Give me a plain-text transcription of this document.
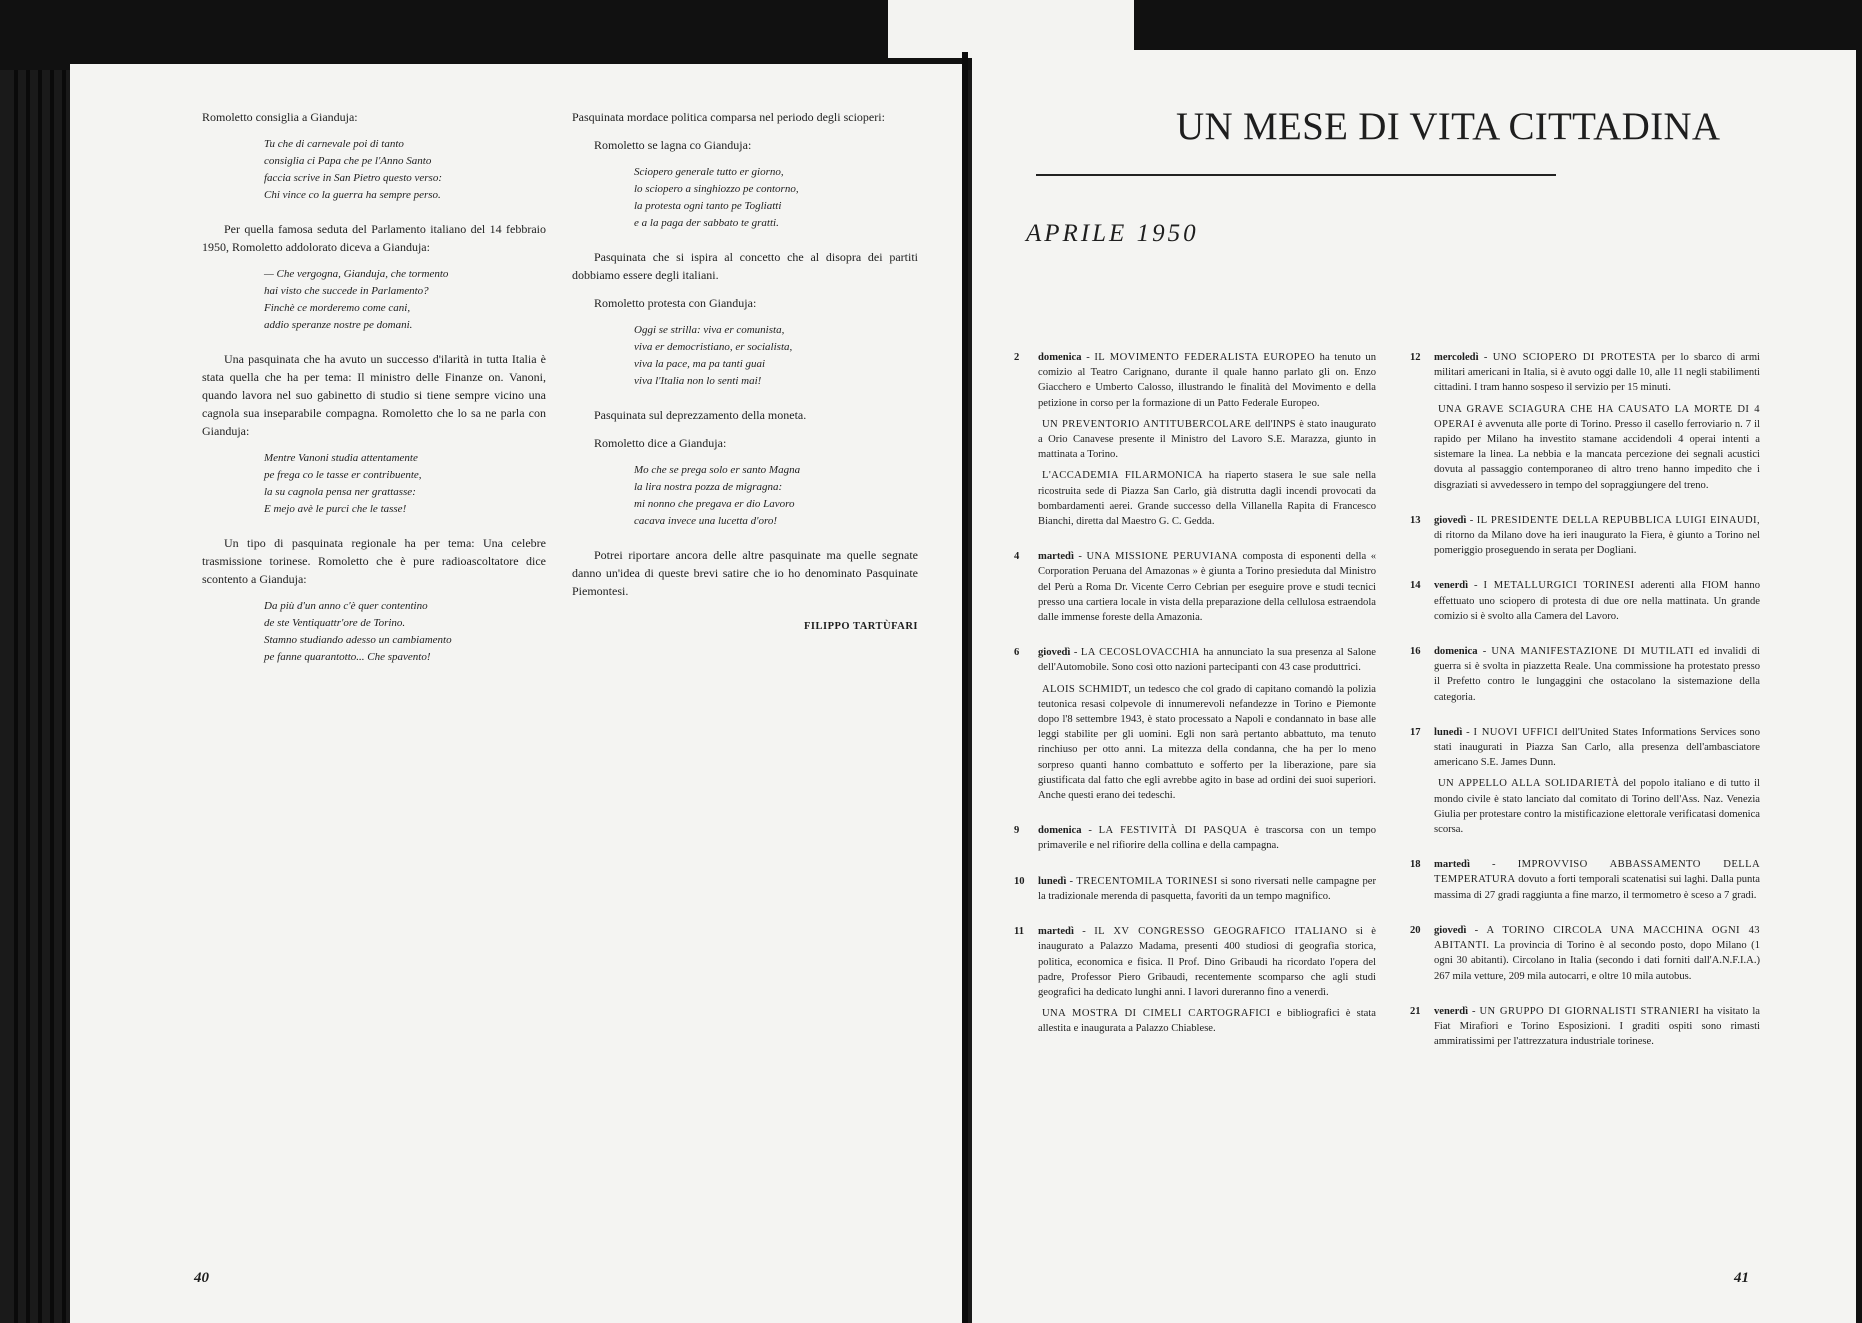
Romoletto consiglia a Gianduja:

Tu che di carnevale poi di tanto
consiglia ci Papa che pe l'Anno Santo
faccia scrive in San Pietro questo verso:
Chi vince co la guerra ha sempre perso.

Per quella famosa seduta del Parlamento italiano del 14 febbraio 1950, Romoletto addolorato diceva a Gianduja:

— Che vergogna, Gianduja, che tormento
hai visto che succede in Parlamento?
Finchè ce morderemo come cani,
addio speranze nostre pe domani.

Una pasquinata che ha avuto un successo d'ilarità in tutta Italia è stata quella che ha per tema: Il ministro delle Finanze on. Vanoni, quando lavora nel suo gabinetto di studio si tiene sempre vicino una cagnola sua inseparabile compagna. Romoletto che lo sa ne parla con Gianduja:

Mentre Vanoni studia attentamente
pe frega co le tasse er contribuente,
la su cagnola pensa ner grattasse:
E mejo avè le purci che le tasse!

Un tipo di pasquinata regionale ha per tema: Una celebre trasmissione torinese. Romoletto che è pure radioascoltatore dice scontento a Gianduja:

Da più d'un anno c'è quer contentino
de ste Ventiquattr'ore de Torino.
Stamno studiando adesso un cambiamento
pe fanne quarantotto... Che spavento!

Pasquinata mordace politica comparsa nel periodo degli scioperi:

Romoletto se lagna co Gianduja:

Sciopero generale tutto er giorno,
lo sciopero a singhiozzo pe contorno,
la protesta ogni tanto pe Togliatti
e a la paga der sabbato te gratti.

Pasquinata che si ispira al concetto che al disopra dei partiti dobbiamo essere degli italiani.

Romoletto protesta con Gianduja:

Oggi se strilla: viva er comunista,
viva er democristiano, er socialista,
viva la pace, ma pa tanti guai
viva l'Italia non lo senti mai!

Pasquinata sul deprezzamento della moneta.

Romoletto dice a Gianduja:

Mo che se prega solo er santo Magna
la lira nostra pozza de migragna:
mi nonno che pregava er dio Lavoro
cacava invece una lucetta d'oro!

Potrei riportare ancora delle altre pasquinate ma quelle segnate danno un'idea di queste brevi satire che io ho denominato Pasquinate Piemontesi.

FILIPPO TARTÙFARI
40
UN MESE DI VITA CITTADINA
APRILE 1950

2 domenica - IL MOVIMENTO FEDERALISTA EUROPEO ha tenuto un comizio al Teatro Carignano, durante il quale hanno parlato gli on. Enzo Giacchero e Umberto Calosso, illustrando le finalità del Movimento e della petizione in corso per la formazione di un Patto Federale Europeo.

UN PREVENTORIO ANTITUBERCOLARE dell'INPS è stato inaugurato a Orio Canavese presente il Ministro del Lavoro S.E. Marazza, giunto in mattinata a Torino.

L'ACCADEMIA FILARMONICA ha riaperto stasera le sue sale nella ricostruita sede di Piazza San Carlo, già distrutta dagli incendi provocati da bombardamenti aerei. Grande successo della Villanella Rapita di Francesco Bianchi, diretta dal Maestro G. C. Gedda.

4 martedì - UNA MISSIONE PERUVIANA composta di esponenti della « Corporation Peruana del Amazonas » è giunta a Torino presieduta dal Ministro del Perù a Roma Dr. Vicente Cerro Cebrian per eseguire prove e studi tecnici presso una cartiera locale in vista della preparazione della cellulosa estraendola dalle immense foreste della Amazonia.

6 giovedì - LA CECOSLOVACCHIA ha annunciato la sua presenza al Salone dell'Automobile. Sono così otto nazioni partecipanti con 43 case produttrici.

ALOIS SCHMIDT, un tedesco che col grado di capitano comandò la polizia teutonica resasi colpevole di innumerevoli nefandezze in Torino e Piemonte dopo l'8 settembre 1943, è stato processato a Napoli e condannato in base alle leggi stabilite per gli uomini. Egli non sarà pertanto abbattuto, ma tenuto rinchiuso per otto anni. La mitezza della condanna, che ha per lo meno sorpreso quanti hanno combattuto e sofferto per la liberazione, pare sia giustificata dal fatto che egli avrebbe agito in base ad ordini dei suoi superiori. Anche questi erano dei tedeschi.

9 domenica - LA FESTIVITÀ DI PASQUA è trascorsa con un tempo primaverile e nel rifiorire della collina e della campagna.

10 lunedì - TRECENTOMILA TORINESI si sono riversati nelle campagne per la tradizionale merenda di pasquetta, favoriti da un tempo magnifico.

11 martedì - IL XV CONGRESSO GEOGRAFICO ITALIANO si è inaugurato a Palazzo Madama, presenti 400 studiosi di geografia storica, politica, economica e fisica. Il Prof. Dino Gribaudi ha ricordato l'opera del padre, Professor Piero Gribaudi, recentemente scomparso che agli studi geografici ha dedicato lunghi anni. I lavori dureranno fino a venerdì.

UNA MOSTRA DI CIMELI CARTOGRAFICI e bibliografici è stata allestita e inaugurata a Palazzo Chiablese.

12 mercoledì - UNO SCIOPERO DI PROTESTA per lo sbarco di armi militari americani in Italia, si è avuto oggi dalle 10, alle 11 negli stabilimenti cittadini. I tram hanno sospeso il servizio per 15 minuti.

UNA GRAVE SCIAGURA CHE HA CAUSATO LA MORTE DI 4 OPERAI è avvenuta alle porte di Torino. Presso il casello ferroviario n. 7 il rapido per Milano ha investito stamane accidendoli 4 operai intenti a sistemare la linea. La nebbia e la mancata percezione dei segnali acustici dovuta al passaggio contemporaneo di altro treno hanno impedito che i disgraziati si avvedessero in tempo del sopraggiungere del treno.

13 giovedì - IL PRESIDENTE DELLA REPUBBLICA LUIGI EINAUDI, di ritorno da Milano dove ha ieri inaugurato la Fiera, è giunto a Torino nel pomeriggio proseguendo in serata per Dogliani.

14 venerdì - I METALLURGICI TORINESI aderenti alla FIOM hanno effettuato uno sciopero di protesta di due ore nella mattinata. Un grande comizio si è svolto alla Camera del Lavoro.

16 domenica - UNA MANIFESTAZIONE DI MUTILATI ed invalidi di guerra si è svolta in piazzetta Reale. Una commissione ha protestato presso il Prefetto contro le lungaggini che ostacolano la sistemazione della categoria.

17 lunedì - I NUOVI UFFICI dell'United States Informations Services sono stati inaugurati in Piazza San Carlo, alla presenza dell'ambasciatore americano S.E. James Dunn.

UN APPELLO ALLA SOLIDARIETÀ del popolo italiano e di tutto il mondo civile è stato lanciato dal comitato di Torino dell'Ass. Naz. Venezia Giulia per protestare contro la mistificazione elettorale verificatasi domenica scorsa.

18 martedì - IMPROVVISO ABBASSAMENTO DELLA TEMPERATURA dovuto a forti temporali scatenatisi sui laghi. Dalla punta massima di 27 gradi raggiunta a fine marzo, il termometro è sceso a 7 gradi.

20 giovedì - A TORINO CIRCOLA UNA MACCHINA OGNI 43 ABITANTI. La provincia di Torino è al secondo posto, dopo Milano (1 ogni 30 abitanti). Circolano in Italia (secondo i dati forniti dall'A.N.F.I.A.) 267 mila vetture, 209 mila autocarri, e oltre 10 mila autobus.

21 venerdì - UN GRUPPO DI GIORNALISTI STRANIERI ha visitato la Fiat Mirafiori e Torino Esposizioni. I graditi ospiti sono rimasti ammiratissimi per l'attrezzatura industriale torinese.

41
